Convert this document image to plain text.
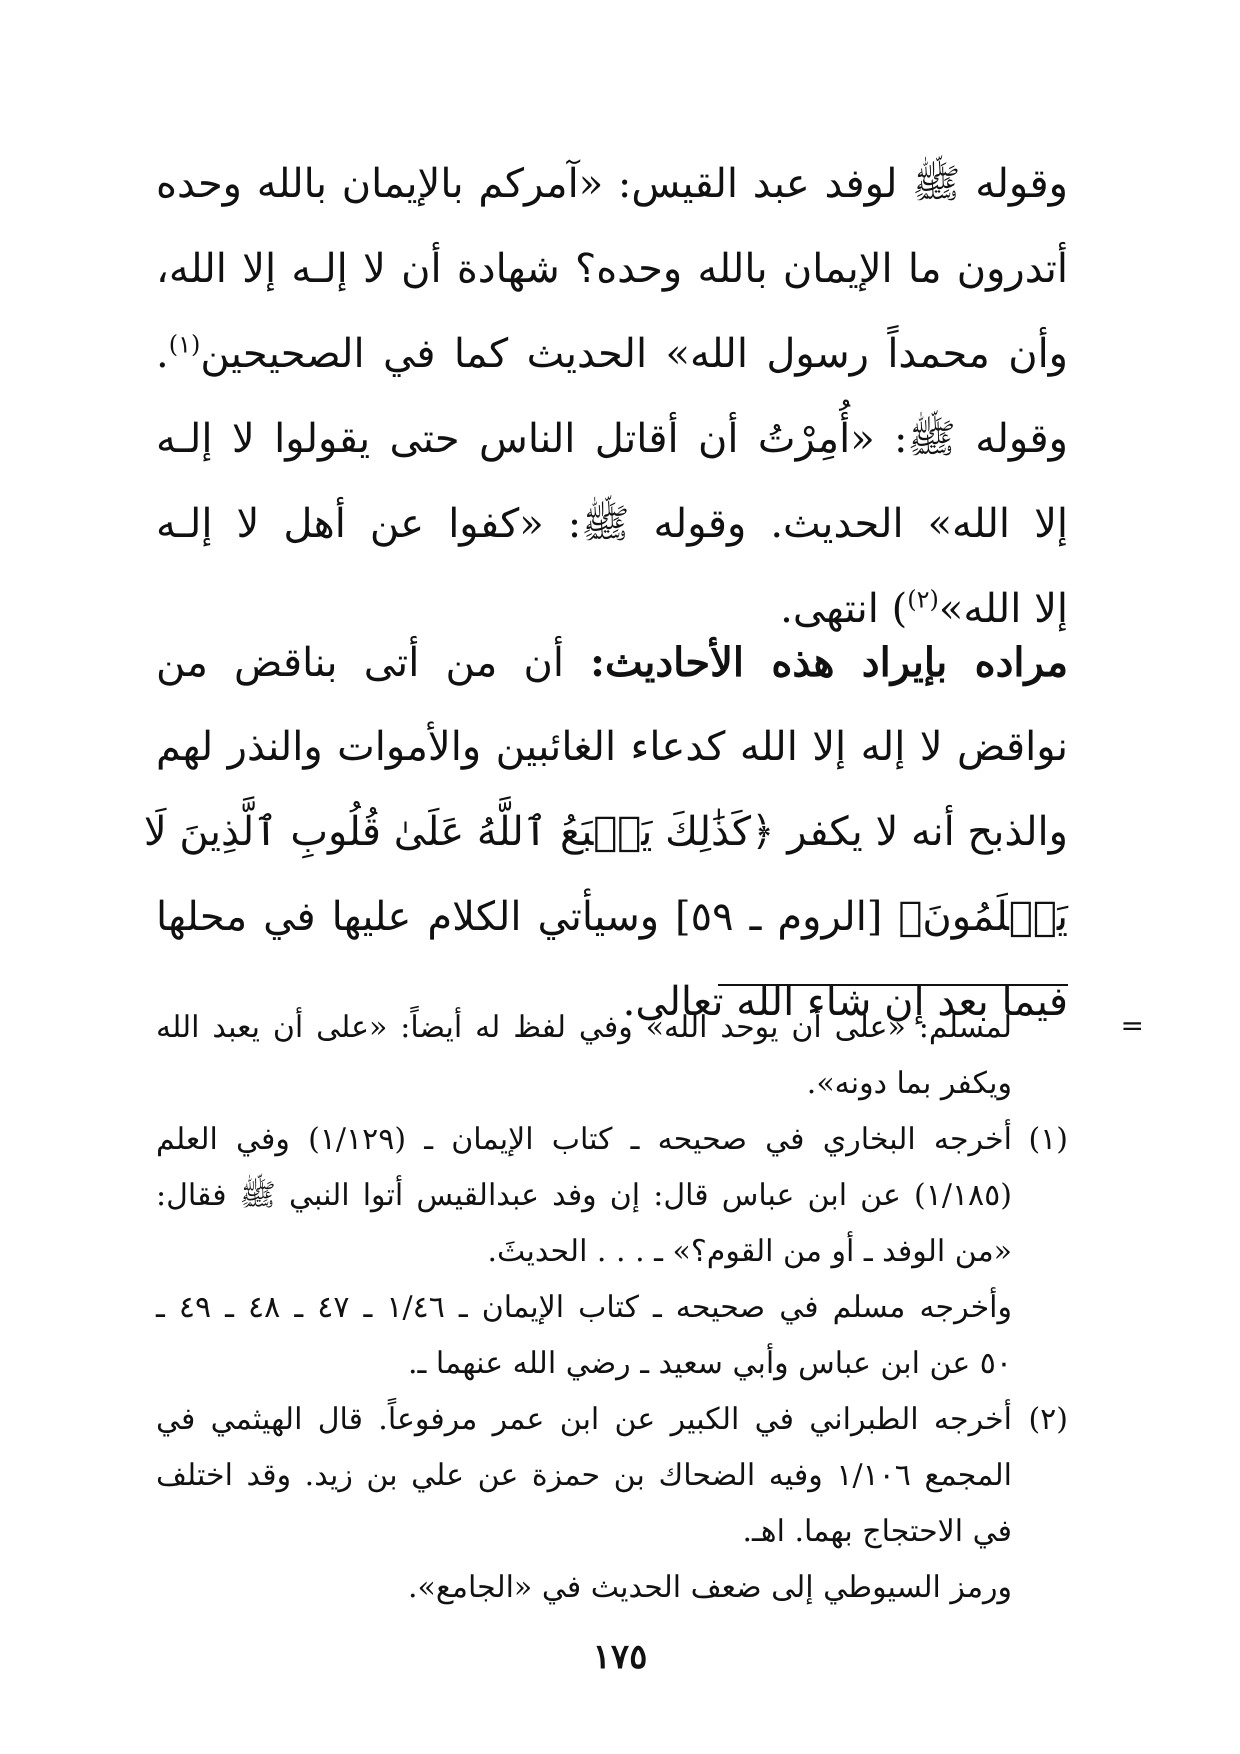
وقوله ﷺ لوفد عبد القيس: «آمركم بالإيمان بالله وحده
أتدرون ما الإيمان بالله وحده؟ شهادة أن لا إلـه إلا الله،
وأن محمداً رسول الله» الحديث كما في الصحيحين$^{(١)}$.
وقوله ﷺ: «أُمِرْتُ أن أقاتل الناس حتى يقولوا لا إلـه
إلا الله» الحديث. وقوله ﷺ: «كفوا عن أهل لا إلـه
إلا الله»$^{(٢)}$) انتهى.
مراده بإيراد هذه الأحاديث: أن من أتى بناقض من
نواقض لا إله إلا الله كدعاء الغائبين والأموات والنذر لهم
والذبح أنه لا يكفر ﴿كَذَٰلِكَ يَطۡبَعُ ٱللَّهُ عَلَىٰ قُلُوبِ ٱلَّذِينَ لَا
يَعۡلَمُونَ﴾ [الروم ـ ٥٩] وسيأتي الكلام عليها في محلها
فيما بعد إن شاء الله تعالى.
=
لمسلم: «على أن يوحد الله» وفي لفظ له أيضاً: «على أن يعبد الله
ويكفر بما دونه».
(١)
أخرجه البخاري في صحيحه ـ كتاب الإيمان ـ (١/١٢٩) وفي العلم
(١/١٨٥) عن ابن عباس قال: إن وفد عبدالقيس أتوا النبي ﷺ فقال:
«من الوفد ـ أو من القوم؟» ـ . . . الحديثَ.
وأخرجه مسلم في صحيحه ـ كتاب الإيمان ـ ١/٤٦ ـ ٤٧ ـ ٤٨ ـ ٤٩ ـ
٥٠ عن ابن عباس وأبي سعيد ـ رضي الله عنهما ـ.
(٢)
أخرجه الطبراني في الكبير عن ابن عمر مرفوعاً. قال الهيثمي في
المجمع ١/١٠٦ وفيه الضحاك بن حمزة عن علي بن زيد. وقد اختلف
في الاحتجاج بهما. اهـ.
ورمز السيوطي إلى ضعف الحديث في «الجامع».
١٧٥
